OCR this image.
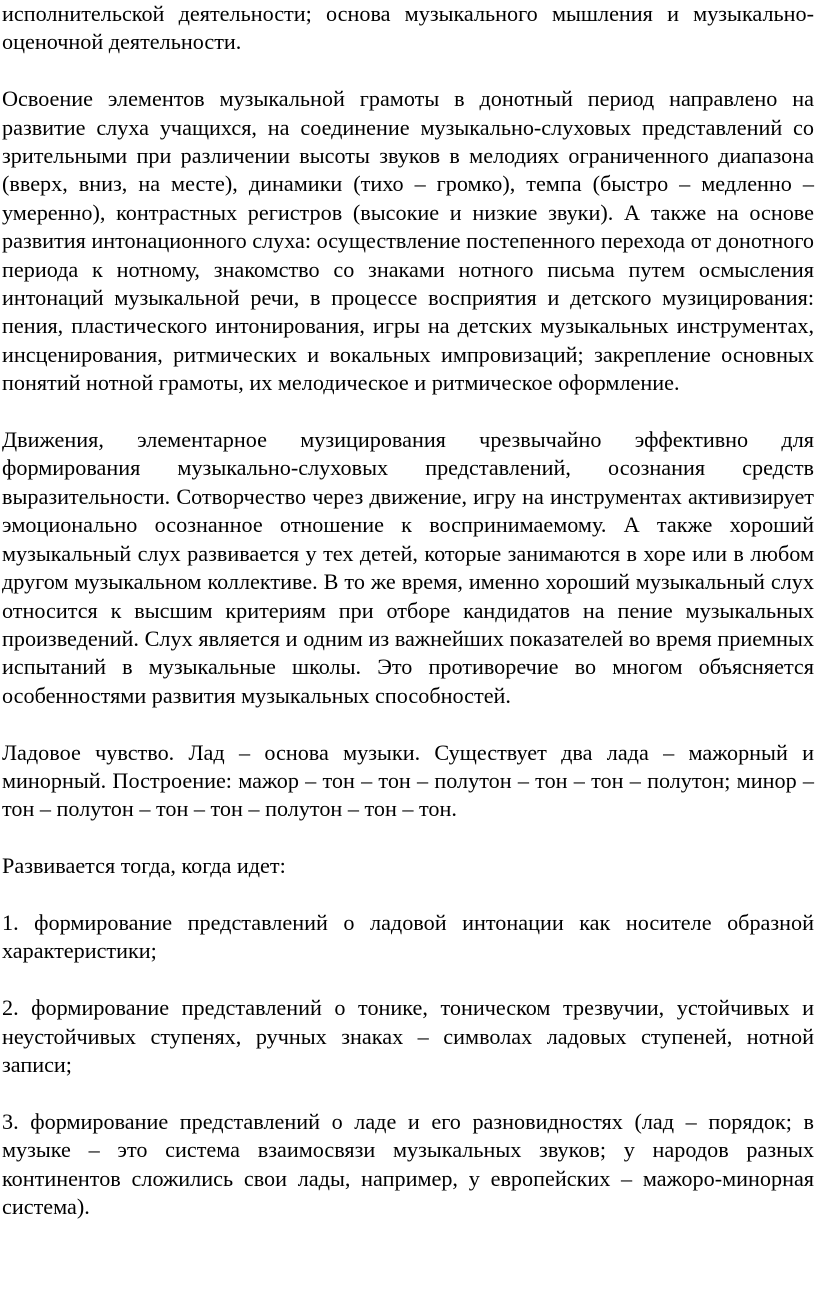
исполнительской деятельности; основа музыкального мышления и музыкально-оценочной деятельности.

Освоение элементов музыкальной грамоты в донотный период направлено на развитие слуха учащихся, на соединение музыкально-слуховых представлений со зрительными при различении высоты звуков в мелодиях ограниченного диапазона (вверх, вниз, на месте), динамики (тихо – громко), темпа (быстро – медленно – умеренно), контрастных регистров (высокие и низкие звуки). А также на основе развития интонационного слуха: осуществление постепенного перехода от донотного периода к нотному, знакомство со знаками нотного письма путем осмысления интонаций музыкальной речи, в процессе восприятия и детского музицирования: пения, пластического интонирования, игры на детских музыкальных инструментах, инсценирования, ритмических и вокальных импровизаций; закрепление основных понятий нотной грамоты, их мелодическое и ритмическое оформление.

Движения, элементарное музицирования чрезвычайно эффективно для формирования музыкально-слуховых представлений, осознания средств выразительности. Сотворчество через движение, игру на инструментах активизирует эмоционально осознанное отношение к воспринимаемому. А также хороший музыкальный слух развивается у тех детей, которые занимаются в хоре или в любом другом музыкальном коллективе. В то же время, именно хороший музыкальный слух относится к высшим критериям при отборе кандидатов на пение музыкальных произведений. Слух является и одним из важнейших показателей во время приемных испытаний в музыкальные школы. Это противоречие во многом объясняется особенностями развития музыкальных способностей.

Ладовое чувство. Лад – основа музыки. Существует два лада – мажорный и минорный. Построение: мажор – тон – тон – полутон – тон – тон – полутон; минор – тон – полутон – тон – тон – полутон – тон – тон.

Развивается тогда, когда идет:

1. формирование представлений о ладовой интонации как носителе образной характеристики;

2. формирование представлений о тонике, тоническом трезвучии, устойчивых и неустойчивых ступенях, ручных знаках – символах ладовых ступеней, нотной записи;

3. формирование представлений о ладе и его разновидностях (лад – порядок; в музыке – это система взаимосвязи музыкальных звуков; у народов разных континентов сложились свои лады, например, у европейских – мажоро-минорная система).
